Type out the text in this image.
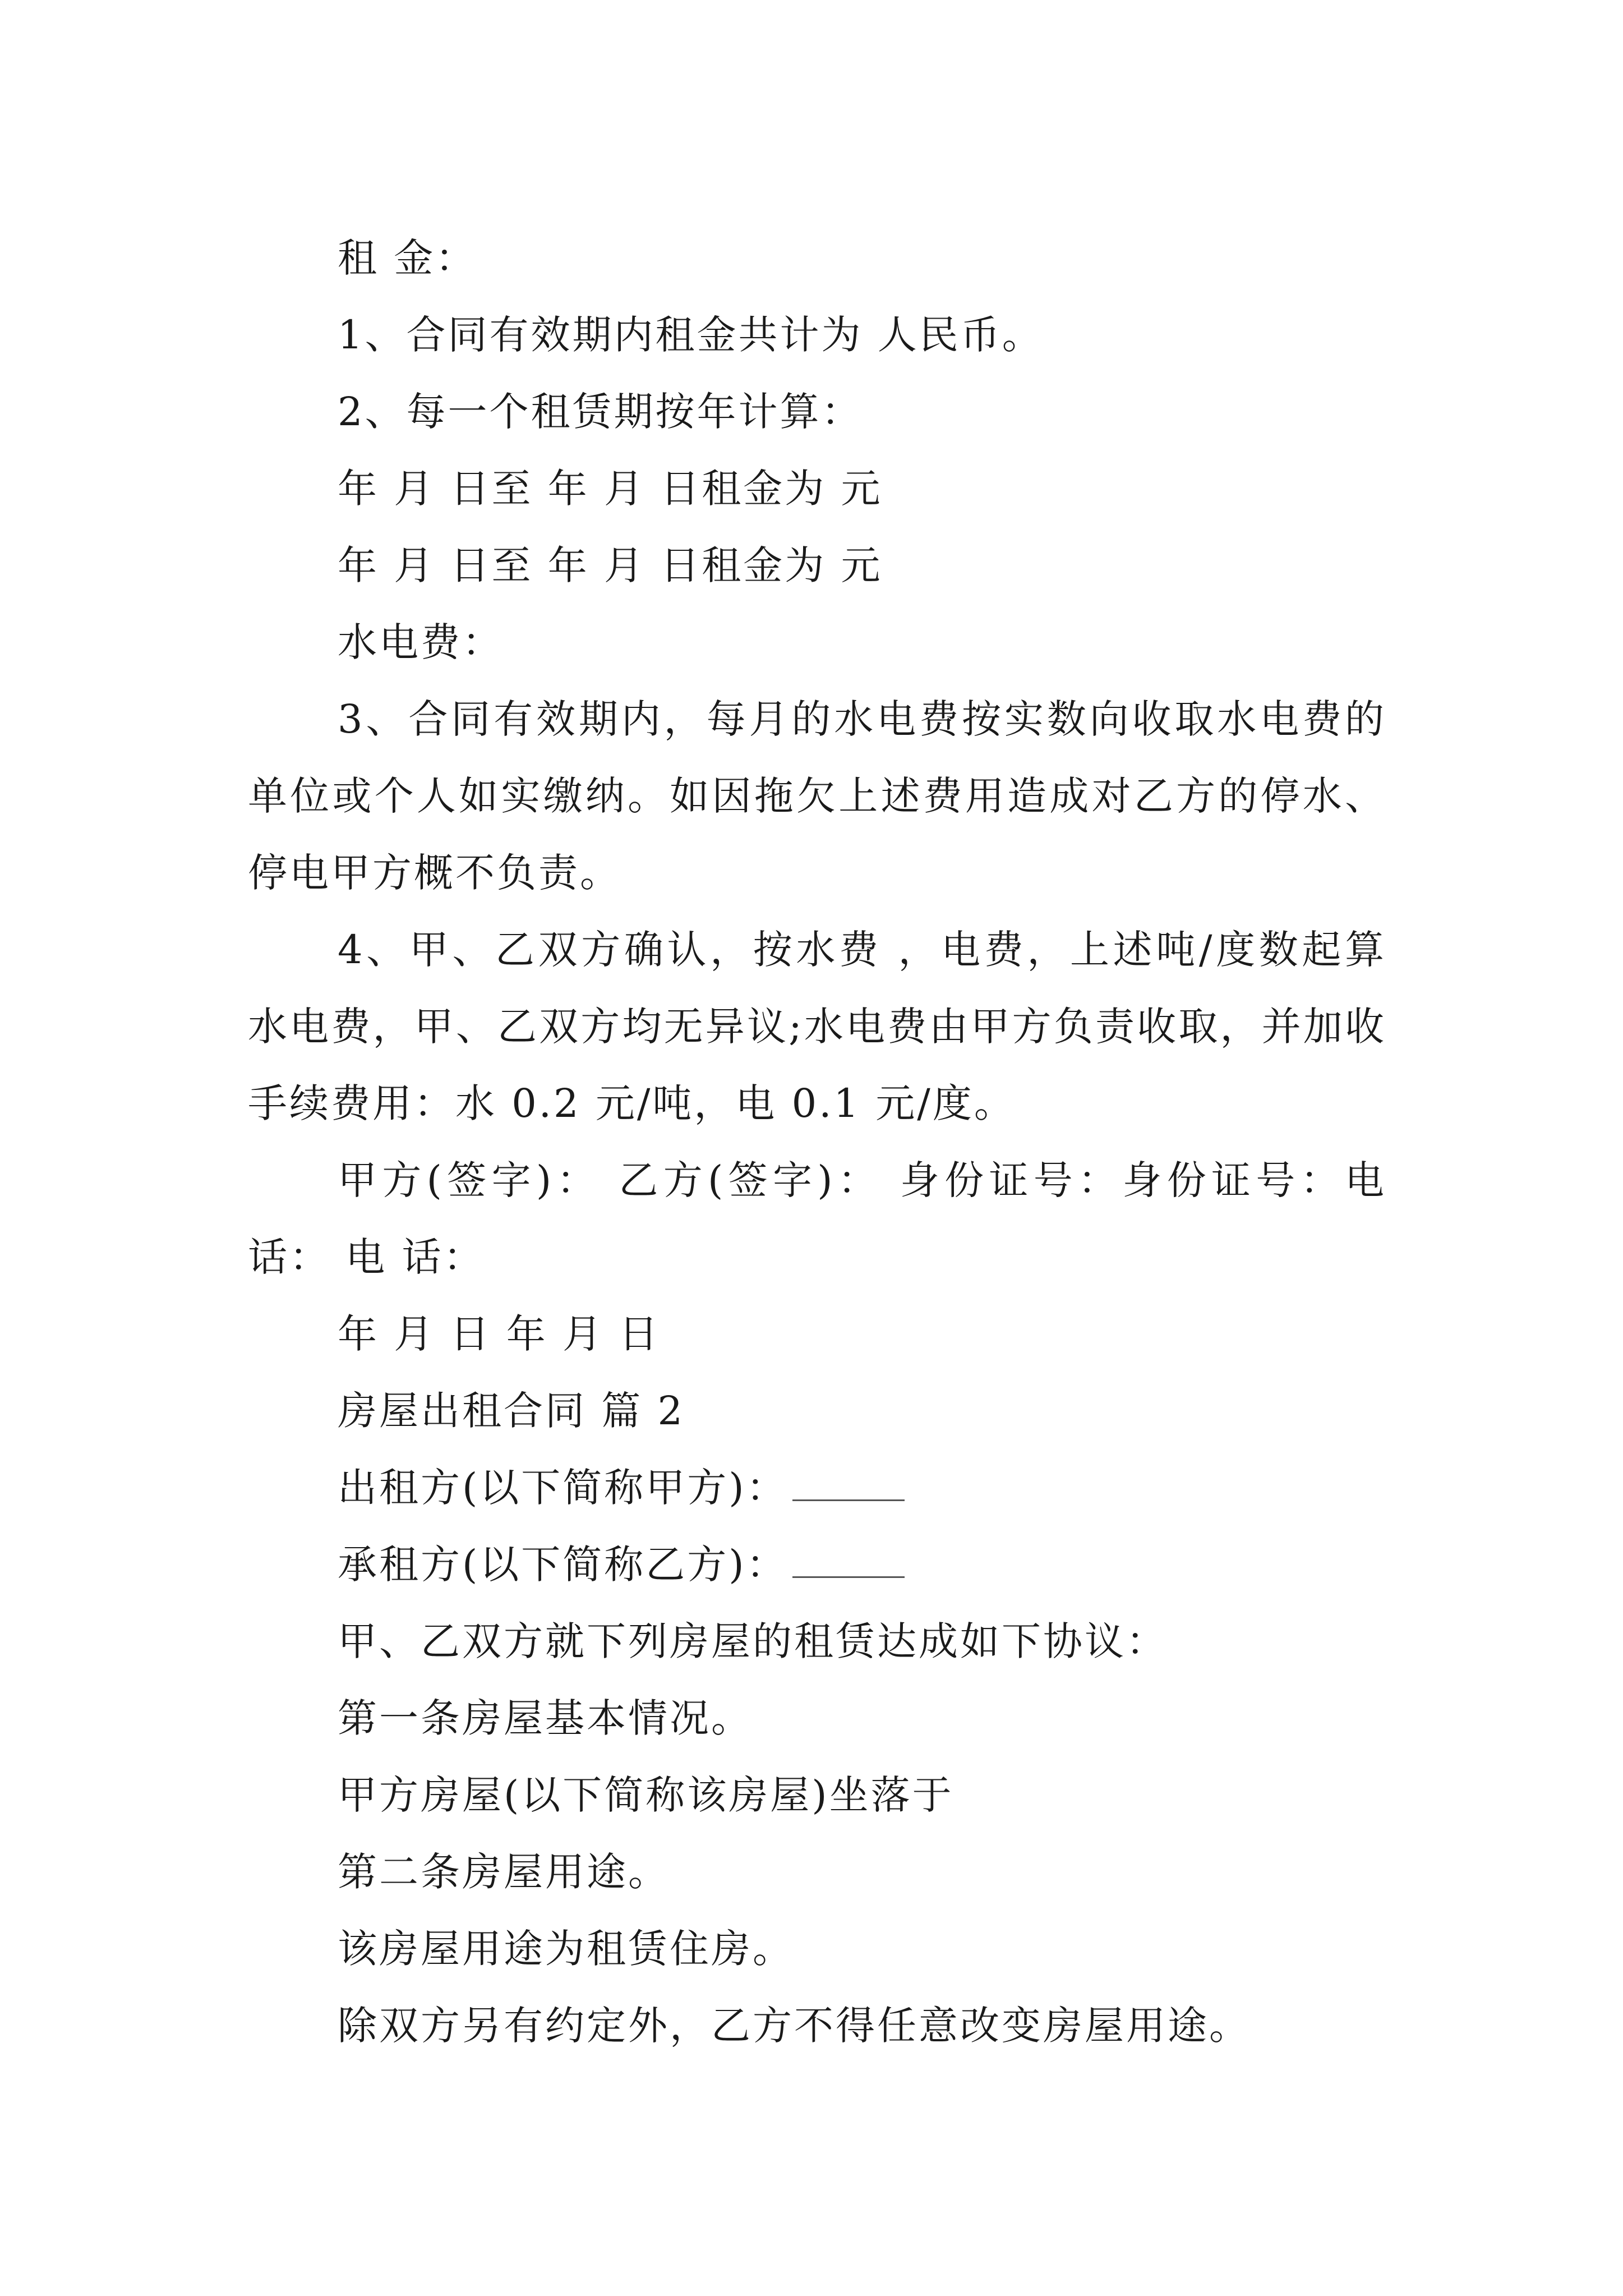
租 金：
1、合同有效期内租金共计为 人民币。
2、每一个租赁期按年计算：
年 月 日至 年 月 日租金为 元
年 月 日至 年 月 日租金为 元
水电费：

3、合同有效期内，每月的水电费按实数向收取水电费的单位或个人如实缴纳。如因拖欠上述费用造成对乙方的停水、停电甲方概不负责。

4、甲、乙双方确认，按水费 ，电费，上述吨/度数起算水电费，甲、乙双方均无异议;水电费由甲方负责收取，并加收手续费用：水 0.2 元/吨，电 0.1 元/度。

甲方(签字)： 乙方(签字)： 身份证号：身份证号：电话： 电 话：

年 月 日 年 月 日
房屋出租合同 篇 2
出租方(以下简称甲方)：
承租方(以下简称乙方)：
甲、乙双方就下列房屋的租赁达成如下协议：
第一条房屋基本情况。
甲方房屋(以下简称该房屋)坐落于
第二条房屋用途。
该房屋用途为租赁住房。
除双方另有约定外，乙方不得任意改变房屋用途。
